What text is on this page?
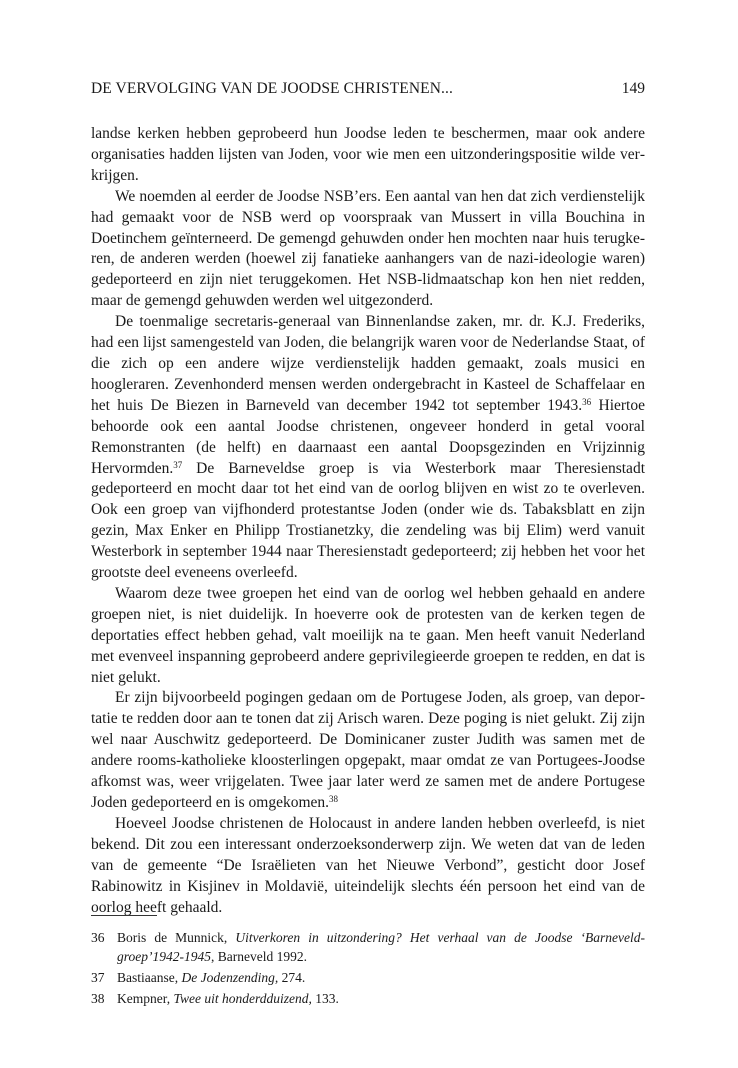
DE VERVOLGING VAN DE JOODSE CHRISTENEN...	149

landse kerken hebben geprobeerd hun Joodse leden te beschermen, maar ook andere organisaties hadden lijsten van Joden, voor wie men een uitzonderingspositie wilde verkrijgen.

We noemden al eerder de Joodse NSB’ers. Een aantal van hen dat zich verdienstelijk had gemaakt voor de NSB werd op voorspraak van Mussert in villa Bouchina in Doetinchem geïnterneerd. De gemengd gehuwden onder hen mochten naar huis terugkeren, de anderen werden (hoewel zij fanatieke aanhangers van de nazi-ideologie waren) gedeporteerd en zijn niet teruggekomen. Het NSB-lidmaatschap kon hen niet redden, maar de gemengd gehuwden werden wel uitgezonderd.

De toenmalige secretaris-generaal van Binnenlandse zaken, mr. dr. K.J. Frederiks, had een lijst samengesteld van Joden, die belangrijk waren voor de Nederlandse Staat, of die zich op een andere wijze verdienstelijk hadden gemaakt, zoals musici en hoogleraren. Zevenhonderd mensen werden ondergebracht in Kasteel de Schaffelaar en het huis De Biezen in Barneveld van december 1942 tot september 1943.36 Hiertoe behoorde ook een aantal Joodse christenen, ongeveer honderd in getal vooral Remonstranten (de helft) en daarnaast een aantal Doopsgezinden en Vrijzinnig Hervormden.$^{37}$ De Barneveldse groep is via Westerbork maar Theresienstadt gedeporteerd en mocht daar tot het eind van de oorlog blijven en wist zo te overleven. Ook een groep van vijfhonderd protestantse Joden (onder wie ds. Tabaksblatt en zijn gezin, Max Enker en Philipp Trostianetzky, die zendeling was bij Elim) werd vanuit Westerbork in september 1944 naar Theresienstadt gedeporteerd; zij hebben het voor het grootste deel eveneens overleefd.

Waarom deze twee groepen het eind van de oorlog wel hebben gehaald en andere groepen niet, is niet duidelijk. In hoeverre ook de protesten van de kerken tegen de deportaties effect hebben gehad, valt moeilijk na te gaan. Men heeft vanuit Nederland met evenveel inspanning geprobeerd andere geprivilegieerde groepen te redden, en dat is niet gelukt.

Er zijn bijvoorbeeld pogingen gedaan om de Portugese Joden, als groep, van deportatie te redden door aan te tonen dat zij Arisch waren. Deze poging is niet gelukt. Zij zijn wel naar Auschwitz gedeporteerd. De Dominicaner zuster Judith was samen met de andere rooms-katholieke kloosterlingen opgepakt, maar omdat ze van Portugees-Joodse afkomst was, weer vrijgelaten. Twee jaar later werd ze samen met de andere Portugese Joden gedeporteerd en is omgekomen.$^{38}$

Hoeveel Joodse christenen de Holocaust in andere landen hebben overleefd, is niet bekend. Dit zou een interessant onderzoeksonderwerp zijn. We weten dat van de leden van de gemeente “De Israëlieten van het Nieuwe Verbond”, gesticht door Josef Rabinowitz in Kisjinev in Moldavië, uiteindelijk slechts één persoon het eind van de oorlog heeft gehaald.

36 Boris de Munnick, Uitverkoren in uitzondering? Het verhaal van de Joodse ‘Barneveld-groep’1942-1945, Barneveld 1992.
37 Bastiaanse, De Jodenzending, 274.
38 Kempner, Twee uit honderdduizend, 133.
